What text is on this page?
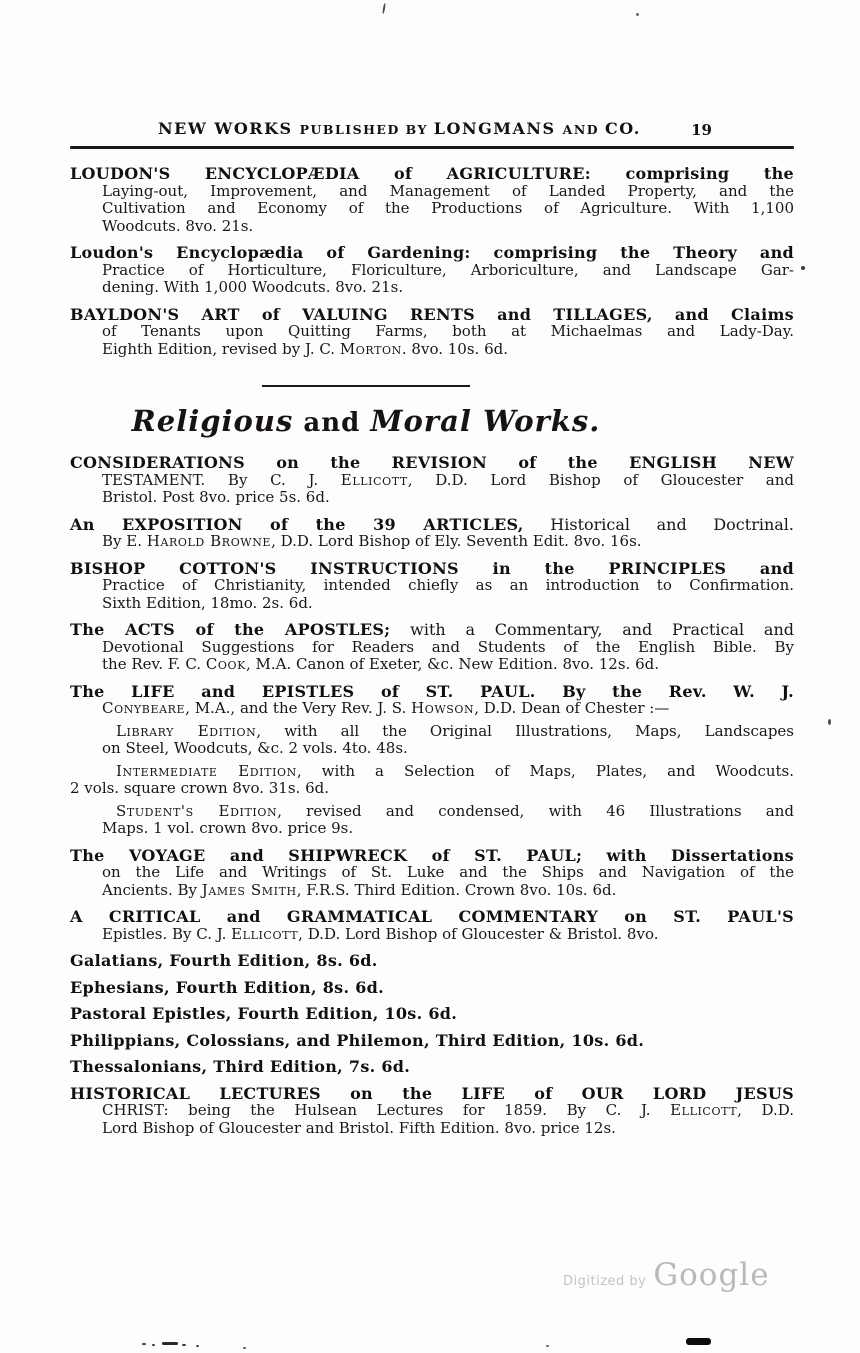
NEW WORKS PUBLISHED BY LONGMANS AND CO.	19
LOUDON'S ENCYCLOPÆDIA of AGRICULTURE: comprising the
Laying-out, Improvement, and Management of Landed Property, and the
Cultivation and Economy of the Productions of Agriculture. With 1,100
Woodcuts. 8vo. 21s.
Loudon's Encyclopædia of Gardening: comprising the Theory and
Practice of Horticulture, Floriculture, Arboriculture, and Landscape Gar-
dening. With 1,000 Woodcuts. 8vo. 21s.
BAYLDON'S ART of VALUING RENTS and TILLAGES, and Claims
of Tenants upon Quitting Farms, both at Michaelmas and Lady-Day.
Eighth Edition, revised by J. C. Morton. 8vo. 10s. 6d.
Religious and Moral Works.
CONSIDERATIONS on the REVISION of the ENGLISH NEW
TESTAMENT. By C. J. Ellicott, D.D. Lord Bishop of Gloucester and
Bristol. Post 8vo. price 5s. 6d.
An EXPOSITION of the 39 ARTICLES, Historical and Doctrinal.
By E. Harold Browne, D.D. Lord Bishop of Ely. Seventh Edit. 8vo. 16s.
BISHOP COTTON'S INSTRUCTIONS in the PRINCIPLES and
Practice of Christianity, intended chiefly as an introduction to Confirmation.
Sixth Edition, 18mo. 2s. 6d.
The ACTS of the APOSTLES; with a Commentary, and Practical and
Devotional Suggestions for Readers and Students of the English Bible. By
the Rev. F. C. Cook, M.A. Canon of Exeter, &c. New Edition. 8vo. 12s. 6d.
The LIFE and EPISTLES of ST. PAUL. By the Rev. W. J.
Conybeare, M.A., and the Very Rev. J. S. Howson, D.D. Dean of Chester :—
Library Edition, with all the Original Illustrations, Maps, Landscapes
on Steel, Woodcuts, &c. 2 vols. 4to. 48s.
Intermediate Edition, with a Selection of Maps, Plates, and Woodcuts.
2 vols. square crown 8vo. 31s. 6d.
Student's Edition, revised and condensed, with 46 Illustrations and
Maps. 1 vol. crown 8vo. price 9s.
The VOYAGE and SHIPWRECK of ST. PAUL; with Dissertations
on the Life and Writings of St. Luke and the Ships and Navigation of the
Ancients. By James Smith, F.R.S. Third Edition. Crown 8vo. 10s. 6d.
A CRITICAL and GRAMMATICAL COMMENTARY on ST. PAUL'S
Epistles. By C. J. Ellicott, D.D. Lord Bishop of Gloucester & Bristol. 8vo.
Galatians, Fourth Edition, 8s. 6d.
Ephesians, Fourth Edition, 8s. 6d.
Pastoral Epistles, Fourth Edition, 10s. 6d.
Philippians, Colossians, and Philemon, Third Edition, 10s. 6d.
Thessalonians, Third Edition, 7s. 6d.
HISTORICAL LECTURES on the LIFE of OUR LORD JESUS
CHRIST: being the Hulsean Lectures for 1859. By C. J. Ellicott, D.D.
Lord Bishop of Gloucester and Bristol. Fifth Edition. 8vo. price 12s.
Digitized by Google
